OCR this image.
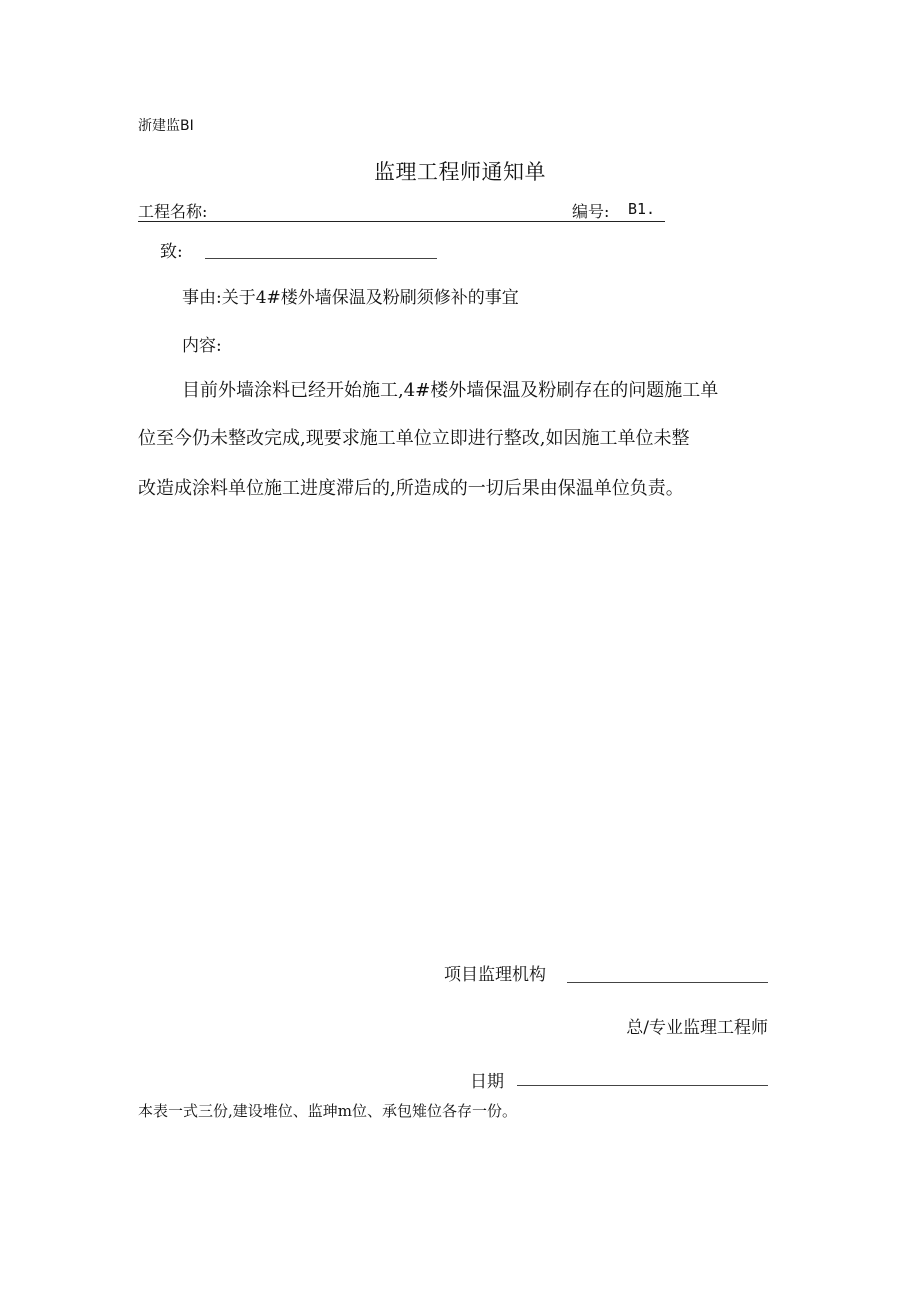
浙建监BI
监理工程师通知单
工程名称:	编号: B1.
致:
事由:关于4#楼外墙保温及粉刷须修补的事宜
内容:
目前外墙涂料已经开始施工,4#楼外墙保温及粉刷存在的问题施工单
位至今仍未整改完成,现要求施工单位立即进行整改,如因施工单位未整
改造成涂料单位施工进度滞后的,所造成的一切后果由保温单位负责。
项目监理机构
总/专业监理工程师
日期
本表一式三份,建设堆位、监珅m位、承包雉位各存一份。
